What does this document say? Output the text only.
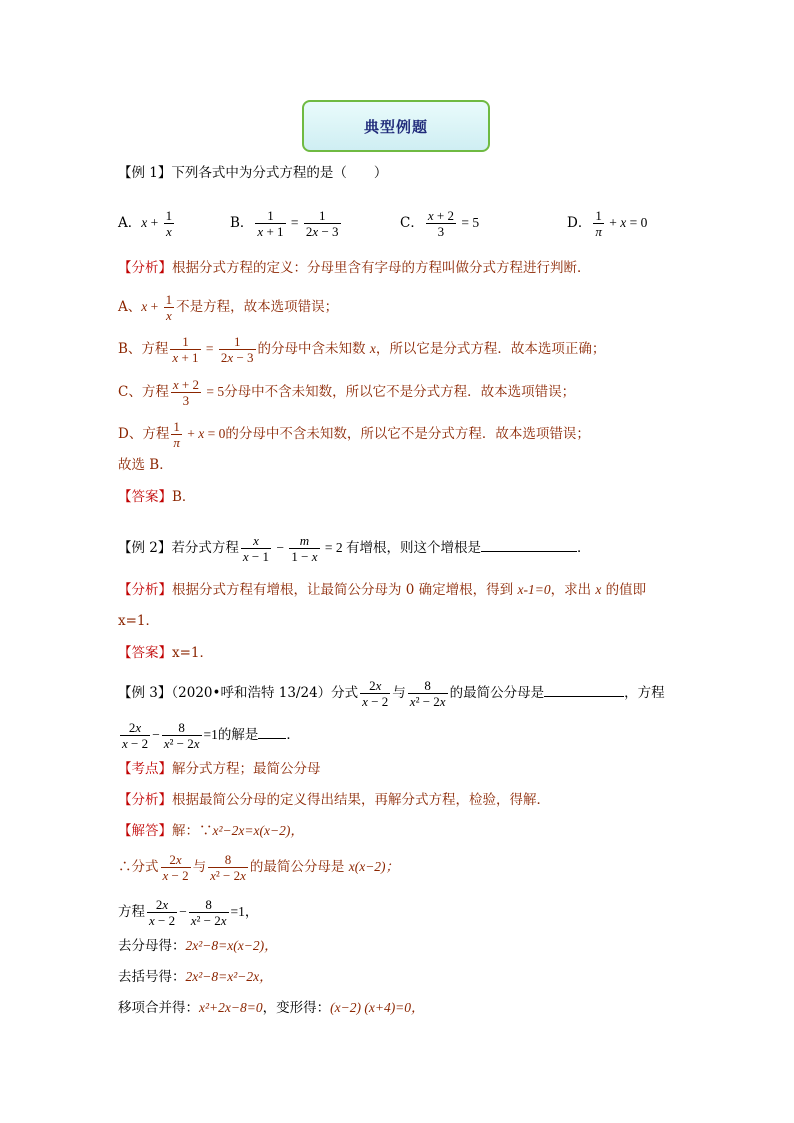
典型例题
【例 1】下列各式中为分式方程的是（　　）
A．$x + \frac{1}{x}$	B． $\frac{1}{x + 1} = \frac{1}{2x - 3}$	C． $\frac{x + 2}{3} = 5$	D． $\frac{1}{\pi} + x = 0$
【分析】根据分式方程的定义：分母里含有字母的方程叫做分式方程进行判断．
A、$x + \frac{1}{x}$ 不是方程，故本选项错误；
B、方程 $\frac{1}{x + 1} = \frac{1}{2x - 3}$ 的分母中含未知数 x，所以它是分式方程．故本选项正确；
C、方程 $\frac{x + 2}{3} = 5$分母中不含未知数，所以它不是分式方程．故本选项错误；
D、方程 $\frac{1}{\pi} + x = 0$的分母中不含未知数，所以它不是分式方程．故本选项错误；
故选 B．
【答案】B．
【例 2】若分式方程 $\frac{x}{x - 1} - \frac{m}{1 - x} = 2$ 有增根，则这个增根是	．
【分析】根据分式方程有增根，让最简公分母为 0 确定增根，得到 x-1=0，求出 x 的值即
x=1．
【答案】x=1．
【例 3】（2020•呼和浩特 13/24）分式 $\frac{2x}{x - 2}$ 与 $\frac{8}{\text{x² − 2x}}$ 的最简公分母是	，方程
$\frac{2x}{x - 2} - \frac{8}{\text{x² − 2x}} =1$的解是 ．
【考点】解分式方程；最简公分母
【分析】根据最简公分母的定义得出结果，再解分式方程，检验，得解．
【解答】解：∵x²−2x=x(x−2)，
∴分式 $\frac{2x}{x - 2}$ 与 $\frac{8}{\text{x² − 2x}}$ 的最简公分母是 x(x−2)；
方程 $\frac{2x}{x - 2} - \frac{8}{\text{x² − 2x}} =1$，
去分母得：2x²−8=x(x−2)，
去括号得：2x²−8=x²−2x，
移项合并得：x²+2x−8=0，变形得：(x−2) (x+4)=0，
